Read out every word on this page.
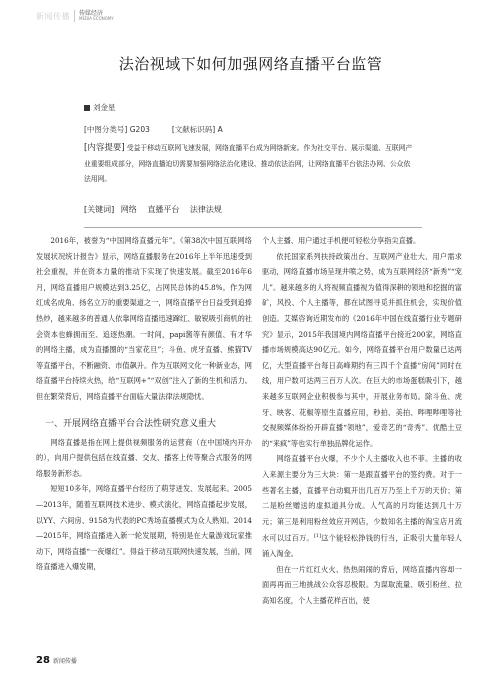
新闻传播 传媒经济
MEDIA ECONOMY
法治视域下如何加强网络直播平台监管
刘金星
[中图分类号] G203	[文献标识码] A
[内容提要] 受益于移动互联网飞速发展，网络直播平台成为网络新宠。作为社交平台、展示渠道、互联网产业重要组成部分，网络直播迫切需要加强网络法治化建设、推动依法治网，让网络直播平台依法办网、公众依法用网。
[关键词] 网络 直播平台 法律法规

2016年，被誉为“中国网络直播元年”。《第38次中国互联网络发展状况统计报告》显示，网络直播服务在2016年上半年迅速受到社会重视，并在资本力量的推动下实现了快速发展。截至2016年6月，网络直播用户规模达到3.25亿，占网民总体的45.8%。作为网红成名成角、扬名立万的重要渠道之一，网络直播平台日益受到追捧热炒，越来越多的普通人依靠网络直播迅速蹿红、敏锐吸引商机的社会资本也蜂拥而至、追逐热潮。一时间，papi酱等有颜值、有才华的网络主播，成为直播圈的“当家花旦”；斗鱼、虎牙直播、熊猫TV等直播平台，不断融资、市值飙升。作为互联网文化一种新业态，网络直播平台持续火热，给“互联网+”“双创”注入了新的生机和活力。但在繁荣背后，网络直播平台面临大量法律法规隐忧。

一、开展网络直播平台合法性研究意义重大

网络直播是指在网上提供视频服务的运营商（在中国境内开办的），向用户提供包括在线直播、交友、播客上传等聚合式服务的网络服务新形态。

短短10多年，网络直播平台经历了萌芽迸发、发展起来。2005—2013年，随着互联网技术进步、模式演化，网络直播起步发展，以YY、六间房、9158为代表的PC秀场直播模式为众人熟知。2014—2015年，网络直播进入新一轮发展期，特别是在大量游戏玩家推动下，网络直播“一夜爆红”。得益于移动互联网快速发展，当前，网络直播进入爆发期，

个人主播、用户通过手机便可轻松分享指尖直播。

依托国家系列扶持政策出台、互联网产业壮大、用户需求驱动，网络直播市场呈现井喷之势，成为互联网经济“新秀”“宠儿”。越来越多的人将视频直播视为值得深耕的领地和挖掘的富矿，风投、个人主播等，都在试图寻觅并抓住机会，实现价值创造。艾媒咨询近期发布的《2016年中国在线直播行业专题研究》显示，2015年我国境内网络直播平台接近200家，网络直播市场规模高达90亿元。如今，网络直播平台用户数量已达两亿，大型直播平台每日高峰期约有三四千个直播“房间”同时在线，用户数可达两三百万人次。在巨大的市场蛋糕吸引下，越来越多互联网企业积极参与其中，开展业务布局。除斗鱼、虎牙、映客、花椒等原生直播应用，秒拍、美拍、哔哩哔哩等社交视频媒体纷纷开辟直播“领地”，爱奇艺的“奇秀”、优酷土豆的“来疯”等也实行单独品牌化运作。

网络直播平台火爆，不少个人主播收入也不菲。主播的收入来源主要分为三大块：第一是跟直播平台的签约费。对于一些著名主播，直播平台动辄开出几百万乃至上千万的天价；第二是粉丝赠送的虚拟道具分成。人气高的月均能达到几十万元；第三是利用粉丝效应开网店，少数知名主播的淘宝店月流水可以过百万。[1]这个能轻松挣钱的行当，正吸引大量年轻人涌入淘金。

但在一片红红火火、热热闹闹的背后，网络直播内容却一面再再而三地挑战公众容忍极限。为谋取流量、吸引粉丝、拉高知名度，个人主播花样百出，使

28 新闻传播
